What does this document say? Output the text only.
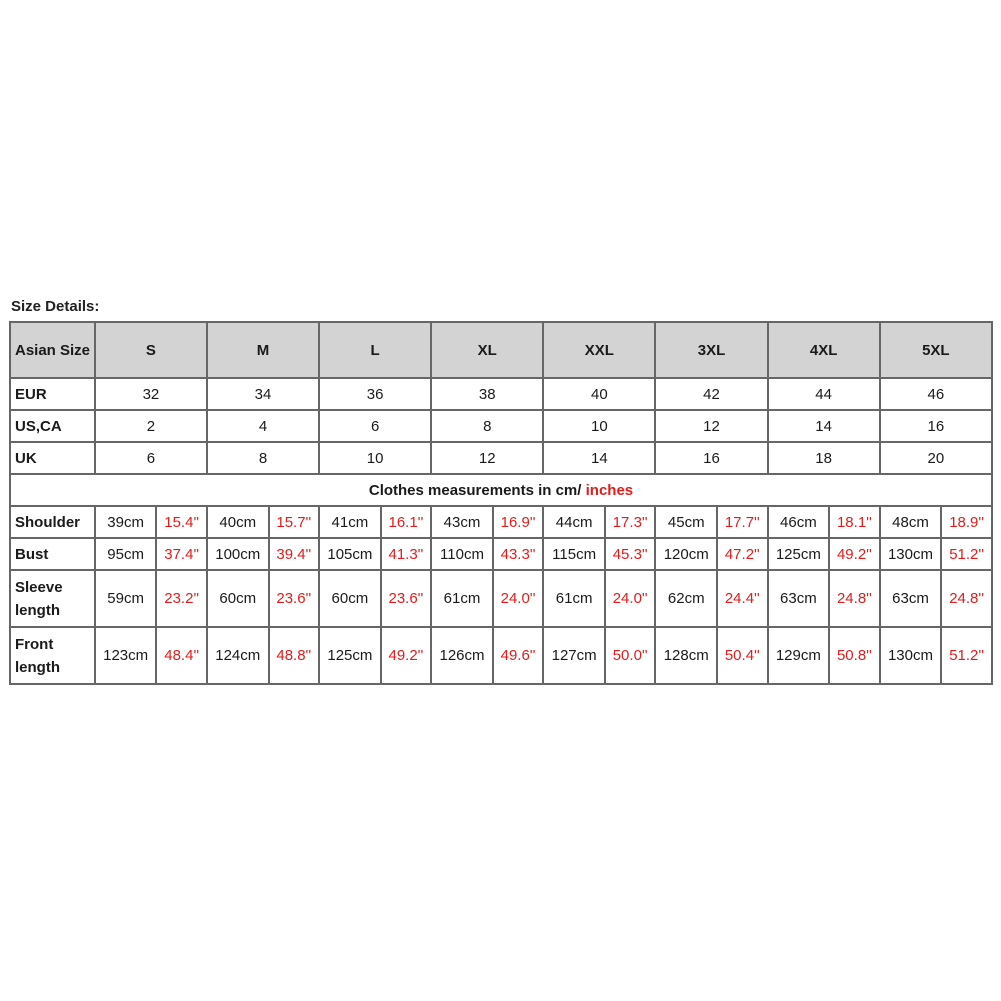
Size Details:
Asian Size	S		M		L		XL		XXL		3XL		4XL		5XL	
EUR	32		34		36		38		40		42		44		46	
US,CA	2		4		6		8		10		12		14		16	
UK	6		8		10		12		14		16		18		20	
Clothes measurements in cm/ inches																
Shoulder	39cm	15.4''	40cm	15.7''	41cm	16.1''	43cm	16.9''	44cm	17.3''	45cm	17.7''	46cm	18.1''	48cm	18.9''
Bust	95cm	37.4''	100cm	39.4''	105cm	41.3''	110cm	43.3''	115cm	45.3''	120cm	47.2''	125cm	49.2''	130cm	51.2''
Sleeve length	59cm	23.2''	60cm	23.6''	60cm	23.6''	61cm	24.0''	61cm	24.0''	62cm	24.4''	63cm	24.8''	63cm	24.8''
Front length	123cm	48.4''	124cm	48.8''	125cm	49.2''	126cm	49.6''	127cm	50.0''	128cm	50.4''	129cm	50.8''	130cm	51.2''
